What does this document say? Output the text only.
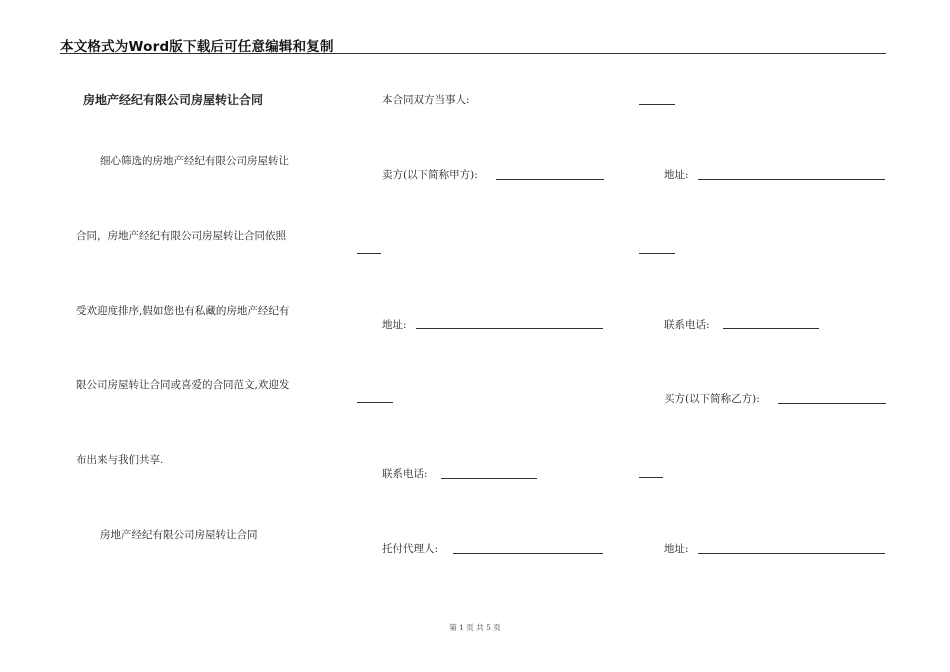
本文格式为Word版下载后可任意编辑和复制
房地产经纪有限公司房屋转让合同
细心筛选的房地产经纪有限公司房屋转让
合同，房地产经纪有限公司房屋转让合同依照
受欢迎度排序,假如您也有私藏的房地产经纪有
限公司房屋转让合同或喜爱的合同范文,欢迎发
布出来与我们共享.
房地产经纪有限公司房屋转让合同
本合同双方当事人:
卖方(以下简称甲方):
地址:
联系电话:
托付代理人:
地址:
联系电话:
买方(以下简称乙方):
地址:
第 1 页 共 5 页
